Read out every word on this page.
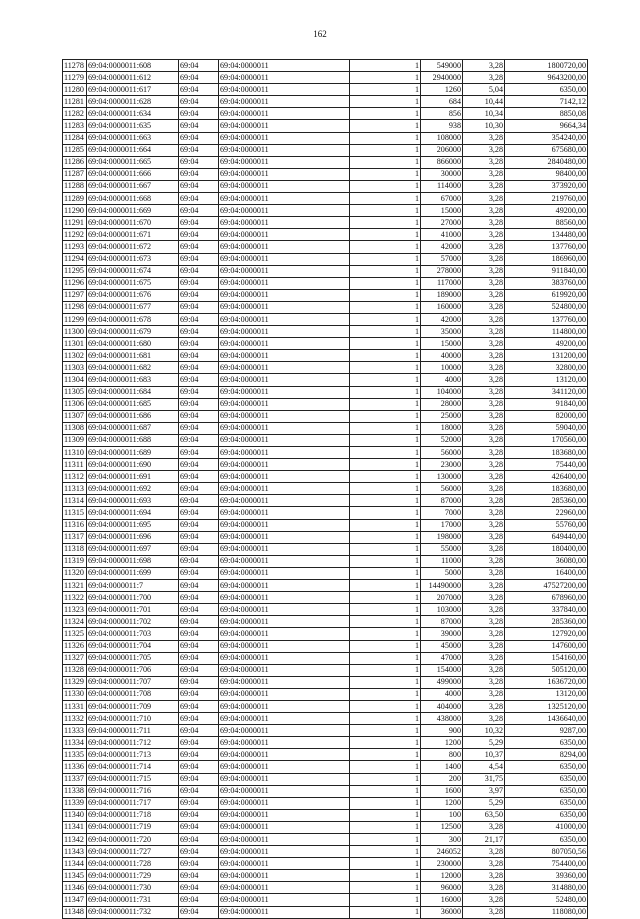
162
11278	69:04:0000011:608	69:04	69:04:0000011	1	549000	3,28	1800720,00
11279	69:04:0000011:612	69:04	69:04:0000011	1	2940000	3,28	9643200,00
11280	69:04:0000011:617	69:04	69:04:0000011	1	1260	5,04	6350,00
11281	69:04:0000011:628	69:04	69:04:0000011	1	684	10,44	7142,12
11282	69:04:0000011:634	69:04	69:04:0000011	1	856	10,34	8850,08
11283	69:04:0000011:635	69:04	69:04:0000011	1	938	10,30	9664,34
11284	69:04:0000011:663	69:04	69:04:0000011	1	108000	3,28	354240,00
11285	69:04:0000011:664	69:04	69:04:0000011	1	206000	3,28	675680,00
11286	69:04:0000011:665	69:04	69:04:0000011	1	866000	3,28	2840480,00
11287	69:04:0000011:666	69:04	69:04:0000011	1	30000	3,28	98400,00
11288	69:04:0000011:667	69:04	69:04:0000011	1	114000	3,28	373920,00
11289	69:04:0000011:668	69:04	69:04:0000011	1	67000	3,28	219760,00
11290	69:04:0000011:669	69:04	69:04:0000011	1	15000	3,28	49200,00
11291	69:04:0000011:670	69:04	69:04:0000011	1	27000	3,28	88560,00
11292	69:04:0000011:671	69:04	69:04:0000011	1	41000	3,28	134480,00
11293	69:04:0000011:672	69:04	69:04:0000011	1	42000	3,28	137760,00
11294	69:04:0000011:673	69:04	69:04:0000011	1	57000	3,28	186960,00
11295	69:04:0000011:674	69:04	69:04:0000011	1	278000	3,28	911840,00
11296	69:04:0000011:675	69:04	69:04:0000011	1	117000	3,28	383760,00
11297	69:04:0000011:676	69:04	69:04:0000011	1	189000	3,28	619920,00
11298	69:04:0000011:677	69:04	69:04:0000011	1	160000	3,28	524800,00
11299	69:04:0000011:678	69:04	69:04:0000011	1	42000	3,28	137760,00
11300	69:04:0000011:679	69:04	69:04:0000011	1	35000	3,28	114800,00
11301	69:04:0000011:680	69:04	69:04:0000011	1	15000	3,28	49200,00
11302	69:04:0000011:681	69:04	69:04:0000011	1	40000	3,28	131200,00
11303	69:04:0000011:682	69:04	69:04:0000011	1	10000	3,28	32800,00
11304	69:04:0000011:683	69:04	69:04:0000011	1	4000	3,28	13120,00
11305	69:04:0000011:684	69:04	69:04:0000011	1	104000	3,28	341120,00
11306	69:04:0000011:685	69:04	69:04:0000011	1	28000	3,28	91840,00
11307	69:04:0000011:686	69:04	69:04:0000011	1	25000	3,28	82000,00
11308	69:04:0000011:687	69:04	69:04:0000011	1	18000	3,28	59040,00
11309	69:04:0000011:688	69:04	69:04:0000011	1	52000	3,28	170560,00
11310	69:04:0000011:689	69:04	69:04:0000011	1	56000	3,28	183680,00
11311	69:04:0000011:690	69:04	69:04:0000011	1	23000	3,28	75440,00
11312	69:04:0000011:691	69:04	69:04:0000011	1	130000	3,28	426400,00
11313	69:04:0000011:692	69:04	69:04:0000011	1	56000	3,28	183680,00
11314	69:04:0000011:693	69:04	69:04:0000011	1	87000	3,28	285360,00
11315	69:04:0000011:694	69:04	69:04:0000011	1	7000	3,28	22960,00
11316	69:04:0000011:695	69:04	69:04:0000011	1	17000	3,28	55760,00
11317	69:04:0000011:696	69:04	69:04:0000011	1	198000	3,28	649440,00
11318	69:04:0000011:697	69:04	69:04:0000011	1	55000	3,28	180400,00
11319	69:04:0000011:698	69:04	69:04:0000011	1	11000	3,28	36080,00
11320	69:04:0000011:699	69:04	69:04:0000011	1	5000	3,28	16400,00
11321	69:04:0000011:7	69:04	69:04:0000011	1	14490000	3,28	47527200,00
11322	69:04:0000011:700	69:04	69:04:0000011	1	207000	3,28	678960,00
11323	69:04:0000011:701	69:04	69:04:0000011	1	103000	3,28	337840,00
11324	69:04:0000011:702	69:04	69:04:0000011	1	87000	3,28	285360,00
11325	69:04:0000011:703	69:04	69:04:0000011	1	39000	3,28	127920,00
11326	69:04:0000011:704	69:04	69:04:0000011	1	45000	3,28	147600,00
11327	69:04:0000011:705	69:04	69:04:0000011	1	47000	3,28	154160,00
11328	69:04:0000011:706	69:04	69:04:0000011	1	154000	3,28	505120,00
11329	69:04:0000011:707	69:04	69:04:0000011	1	499000	3,28	1636720,00
11330	69:04:0000011:708	69:04	69:04:0000011	1	4000	3,28	13120,00
11331	69:04:0000011:709	69:04	69:04:0000011	1	404000	3,28	1325120,00
11332	69:04:0000011:710	69:04	69:04:0000011	1	438000	3,28	1436640,00
11333	69:04:0000011:711	69:04	69:04:0000011	1	900	10,32	9287,00
11334	69:04:0000011:712	69:04	69:04:0000011	1	1200	5,29	6350,00
11335	69:04:0000011:713	69:04	69:04:0000011	1	800	10,37	8294,00
11336	69:04:0000011:714	69:04	69:04:0000011	1	1400	4,54	6350,00
11337	69:04:0000011:715	69:04	69:04:0000011	1	200	31,75	6350,00
11338	69:04:0000011:716	69:04	69:04:0000011	1	1600	3,97	6350,00
11339	69:04:0000011:717	69:04	69:04:0000011	1	1200	5,29	6350,00
11340	69:04:0000011:718	69:04	69:04:0000011	1	100	63,50	6350,00
11341	69:04:0000011:719	69:04	69:04:0000011	1	12500	3,28	41000,00
11342	69:04:0000011:720	69:04	69:04:0000011	1	300	21,17	6350,00
11343	69:04:0000011:727	69:04	69:04:0000011	1	246052	3,28	807050,56
11344	69:04:0000011:728	69:04	69:04:0000011	1	230000	3,28	754400,00
11345	69:04:0000011:729	69:04	69:04:0000011	1	12000	3,28	39360,00
11346	69:04:0000011:730	69:04	69:04:0000011	1	96000	3,28	314880,00
11347	69:04:0000011:731	69:04	69:04:0000011	1	16000	3,28	52480,00
11348	69:04:0000011:732	69:04	69:04:0000011	1	36000	3,28	118080,00
